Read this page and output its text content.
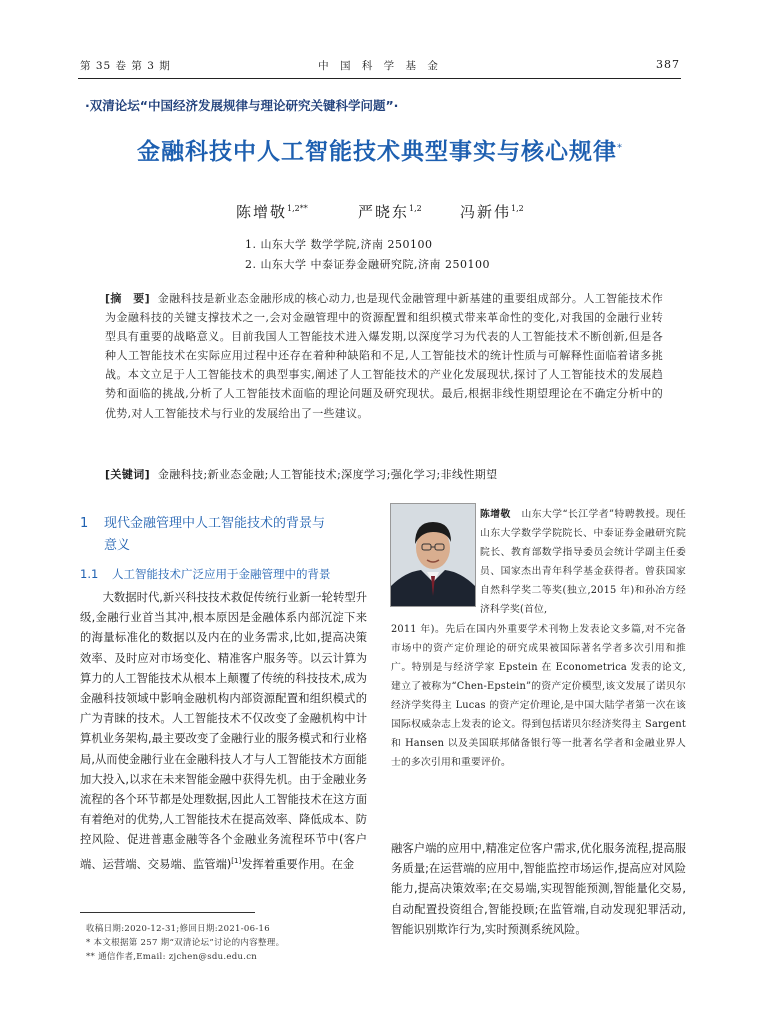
第 35 卷 第 3 期	中 国 科 学 基 金	387
·双清论坛“中国经济发展规律与理论研究关键科学问题”·
金融科技中人工智能技术典型事实与核心规律*
陈增敬$^{1,2**}$	严晓东$^{1,2}$	冯新伟$^{1,2}$
1. 山东大学 数学学院,济南 250100
2. 山东大学 中泰证券金融研究院,济南 250100
[摘　要] 金融科技是新业态金融形成的核心动力,也是现代金融管理中新基建的重要组成部分。人工智能技术作为金融科技的关键支撑技术之一,会对金融管理中的资源配置和组织模式带来革命性的变化,对我国的金融行业转型具有重要的战略意义。目前我国人工智能技术进入爆发期,以深度学习为代表的人工智能技术不断创新,但是各种人工智能技术在实际应用过程中还存在着种种缺陷和不足,人工智能技术的统计性质与可解释性面临着诸多挑战。本文立足于人工智能技术的典型事实,阐述了人工智能技术的产业化发展现状,探讨了人工智能技术的发展趋势和面临的挑战,分析了人工智能技术面临的理论问题及研究现状。最后,根据非线性期望理论在不确定分析中的优势,对人工智能技术与行业的发展给出了一些建议。
[关键词] 金融科技;新业态金融;人工智能技术;深度学习;强化学习;非线性期望
1 现代金融管理中人工智能技术的背景与
意义
1.1 人工智能技术广泛应用于金融管理中的背景

大数据时代,新兴科技技术救促传统行业新一轮转型升级,金融行业首当其冲,根本原因是金融体系内部沉淀下来的海量标准化的数据以及内在的业务需求,比如,提高决策效率、及时应对市场变化、精准客户服务等。以云计算为算力的人工智能技术从根本上颠覆了传统的科技技术,成为金融科技领域中影响金融机构内部资源配置和组织模式的广为青睐的技术。人工智能技术不仅改变了金融机构中计算机业务架构,最主要改变了金融行业的服务模式和行业格局,从而使金融行业在金融科技人才与人工智能技术方面能加大投入,以求在未来智能金融中获得先机。由于金融业务流程的各个环节都是处理数据,因此人工智能技术在这方面有着绝对的优势,人工智能技术在提高效率、降低成本、防控风险、促进普惠金融等各个金融业务流程环节中(客户端、运营端、交易端、监管端)[1]发挥着重要作用。在金

陈增敬 山东大学“长江学者”特聘教授。现任山东大学数学学院院长、中泰证券金融研究院院长、教育部数学指导委员会统计学副主任委员、国家杰出青年科学基金获得者。曾获国家自然科学奖二等奖(独立,2015 年)和孙冶方经济科学奖(首位,
2011 年)。先后在国内外重要学术刊物上发表论文多篇,对不完备市场中的资产定价理论的研究成果被国际著名学者多次引用和推广。特别是与经济学家 Epstein 在 Econometrica 发表的论文,建立了被称为“Chen-Epstein”的资产定价模型,该文发展了诺贝尔经济学奖得主 Lucas 的资产定价理论,是中国大陆学者第一次在该国际权威杂志上发表的论文。得到包括诺贝尔经济奖得主 Sargent 和 Hansen 以及美国联邦储备银行等一批著名学者和金融业界人士的多次引用和重要评价。
融客户端的应用中,精准定位客户需求,优化服务流程,提高服务质量;在运营端的应用中,智能监控市场运作,提高应对风险能力,提高决策效率;在交易端,实现智能预测,智能量化交易,自动配置投资组合,智能投顾;在监管端,自动发现犯罪活动,智能识别欺诈行为,实时预测系统风险。
收稿日期:2020-12-31;修回日期:2021-06-16
* 本文根据第 257 期“双清论坛”讨论的内容整理。
** 通信作者,Email: zjchen@sdu.edu.cn
